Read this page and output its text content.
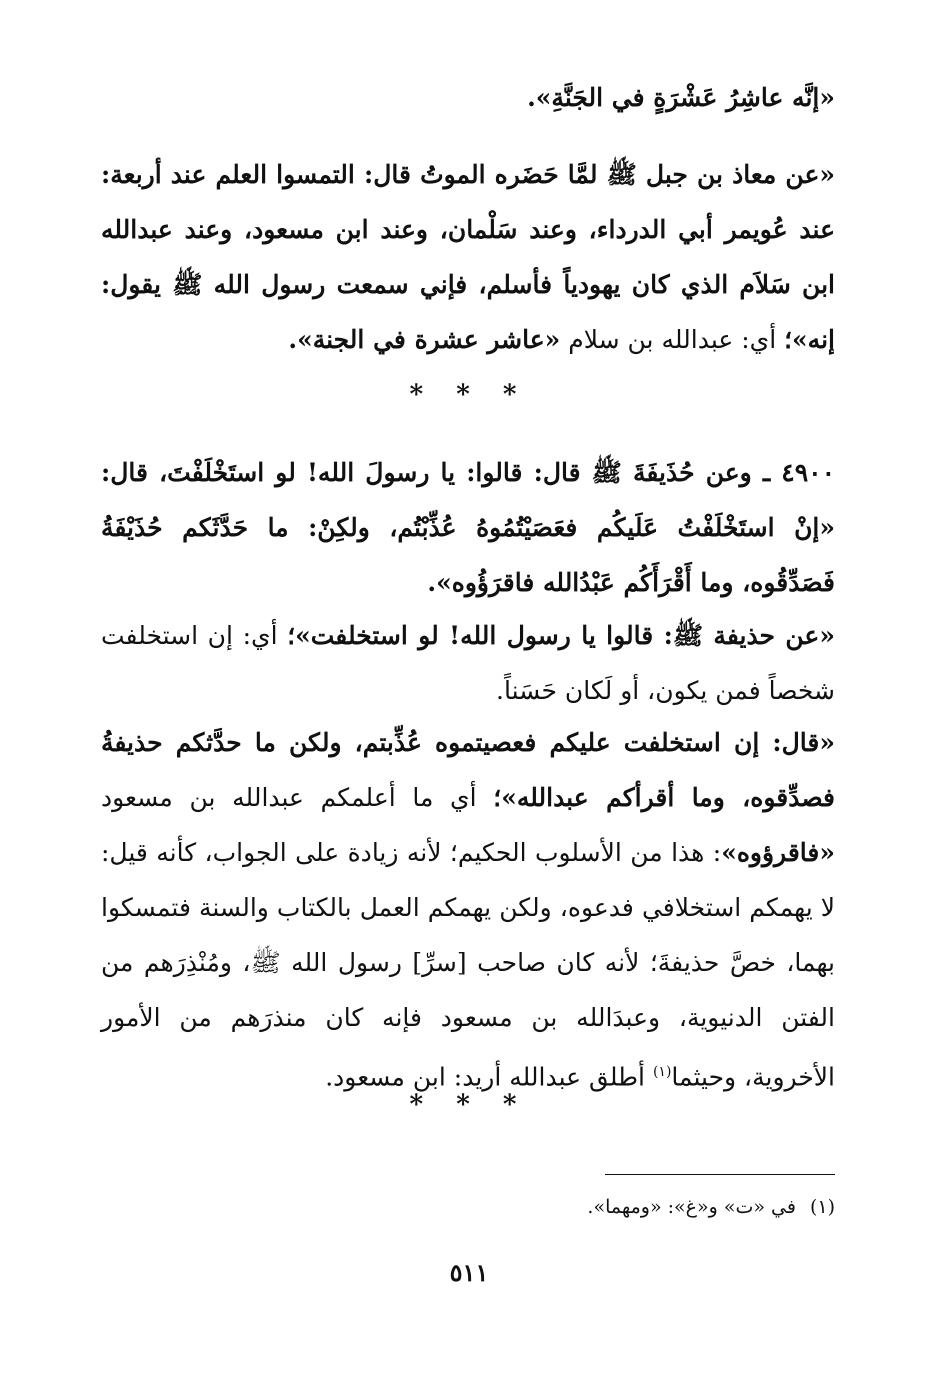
«إنَّه عاشِرُ عَشْرَةٍ في الجَنَّةِ».

«عن معاذ بن جبل ﷺ لمَّا حَضَره الموتُ قال: التمسوا العلم عند أربعة: عند عُويمر أبي الدرداء، وعند سَلْمان، وعند ابن مسعود، وعند عبدالله ابن سَلاَم الذي كان يهودياً فأسلم، فإني سمعت رسول الله ﷺ يقول: إنه»؛ أي: عبدالله بن سلام «عاشر عشرة في الجنة».

* * *

٤٩٠٠ ـ وعن حُذَيفَةَ ﷺ قال: قالوا: يا رسولَ الله! لو استَخْلَفْتَ، قال: «إنْ استَخْلَفْتُ عَلَيكُم فعَصَيْتُمُوهُ عُذِّبْتُم، ولكِنْ: ما حَدَّثَكم حُذَيْفَةُ فَصَدِّقُوه، وما أَقْرَأَكُم عَبْدُالله فاقرَؤُوه».

«عن حذيفة ﷺ: قالوا يا رسول الله! لو استخلفت»؛ أي: إن استخلفت شخصاً فمن يكون، أو لَكان حَسَناً.

«قال: إن استخلفت عليكم فعصيتموه عُذِّبتم، ولكن ما حدَّثكم حذيفةُ فصدِّقوه، وما أقرأكم عبدالله»؛ أي ما أعلمكم عبدالله بن مسعود «فاقرؤوه»: هذا من الأسلوب الحكيم؛ لأنه زيادة على الجواب، كأنه قيل: لا يهمكم استخلافي فدعوه، ولكن يهمكم العمل بالكتاب والسنة فتمسكوا بهما، خصَّ حذيفةَ؛ لأنه كان صاحب [سرِّ] رسول الله ﷺ، ومُنْذِرَهم من الفتن الدنيوية، وعبدَالله بن مسعود فإنه كان منذرَهم من الأمور الأخروية، وحيثما$^{(١)}$ أطلق عبدالله أريد: ابن مسعود.

* * *
(١)في «ت» و«غ»: «ومهما».
٥١١
